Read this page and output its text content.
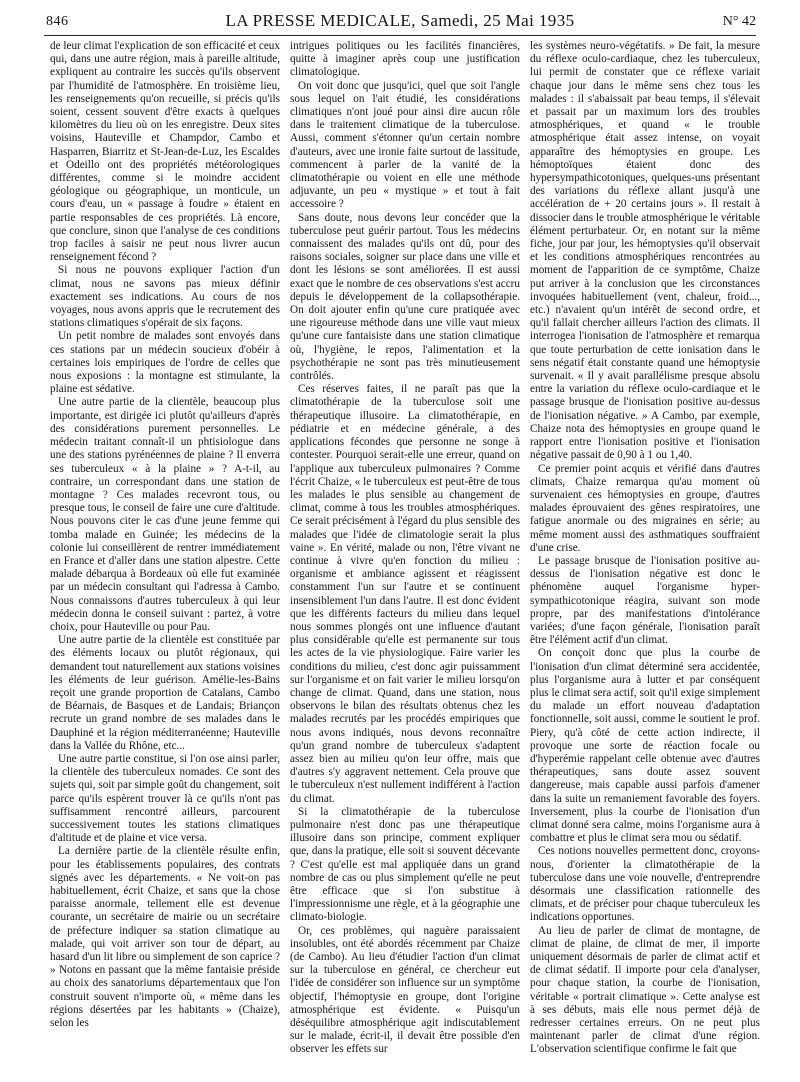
846	LA PRESSE MEDICALE, Samedi, 25 Mai 1935	N° 42

de leur climat l'explication de son efficacité et ceux qui, dans une autre région, mais à pareille altitude, expliquent au contraire les succès qu'ils observent par l'humidité de l'atmosphère. En troisième lieu, les renseignements qu'on recueille, si précis qu'ils soient, cessent souvent d'être exacts à quelques kilomètres du lieu où on les enregistre. Deux sites voisins, Hauteville et Champdor, Cambo et Hasparren, Biarritz et St-Jean-de-Luz, les Escaldes et Odeillo ont des propriétés météorologiques différentes, comme si le moindre accident géologique ou géographique, un monticule, un cours d'eau, un « passage à foudre » étaient en partie responsables de ces propriétés. Là encore, que conclure, sinon que l'analyse de ces conditions trop faciles à saisir ne peut nous livrer aucun renseignement fécond ?

Si nous ne pouvons expliquer l'action d'un climat, nous ne savons pas mieux définir exactement ses indications. Au cours de nos voyages, nous avons appris que le recrutement des stations climatiques s'opérait de six façons.

Un petit nombre de malades sont envoyés dans ces stations par un médecin soucieux d'obéir à certaines lois empiriques de l'ordre de celles que nous exposions : la montagne est stimulante, la plaine est sédative.

Une autre partie de la clientèle, beaucoup plus importante, est dirigée ici plutôt qu'ailleurs d'après des considérations purement personnelles. Le médecin traitant connaît-il un phtisiologue dans une des stations pyrénéennes de plaine ? Il enverra ses tuberculeux « à la plaine » ? A-t-il, au contraire, un correspondant dans une station de montagne ? Ces malades recevront tous, ou presque tous, le conseil de faire une cure d'altitude. Nous pouvons citer le cas d'une jeune femme qui tomba malade en Guinée; les médecins de la colonie lui conseillèrent de rentrer immédiatement en France et d'aller dans une station alpestre. Cette malade débarqua à Bordeaux où elle fut examinée par un médecin consultant qui l'adressa à Cambo. Nous connaissons d'autres tuberculeux à qui leur médecin donna le conseil suivant : partez, à votre choix, pour Hauteville ou pour Pau.

Une autre partie de la clientèle est constituée par des éléments locaux ou plutôt régionaux, qui demandent tout naturellement aux stations voisines les éléments de leur guérison. Amélie-les-Bains reçoit une grande proportion de Catalans, Cambo de Béarnais, de Basques et de Landais; Briançon recrute un grand nombre de ses malades dans le Dauphiné et la région méditerranéenne; Hauteville dans la Vallée du Rhône, etc...

Une autre partie constitue, si l'on ose ainsi parler, la clientèle des tuberculeux nomades. Ce sont des sujets qui, soit par simple goût du changement, soit parce qu'ils espèrent trouver là ce qu'ils n'ont pas suffisamment rencontré ailleurs, parcourent successivement toutes les stations climatiques d'altitude et de plaine et vice versa.

La dernière partie de la clientèle résulte enfin, pour les établissements populaires, des contrats signés avec les départements. « Ne voit-on pas habituellement, écrit Chaize, et sans que la chose paraisse anormale, tellement elle est devenue courante, un secrétaire de mairie ou un secrétaire de préfecture indiquer sa station climatique au malade, qui voit arriver son tour de départ, au hasard d'un lit libre ou simplement de son caprice ? » Notons en passant que la même fantaisie préside au choix des sanatoriums départementaux que l'on construit souvent n'importe où, « même dans les régions désertées par les habitants » (Chaize), selon les

intrigues politiques ou les facilités financières, quitte à imaginer après coup une justification climatologique.

On voit donc que jusqu'ici, quel que soit l'angle sous lequel on l'ait étudié, les considérations climatiques n'ont joué pour ainsi dire aucun rôle dans le traitement climatique de la tuberculose. Aussi, comment s'étonner qu'un certain nombre d'auteurs, avec une ironie faite surtout de lassitude, commencent à parler de la vanité de la climatothérapie ou voient en elle une méthode adjuvante, un peu « mystique » et tout à fait accessoire ?

Sans doute, nous devons leur concéder que la tuberculose peut guérir partout. Tous les médecins connaissent des malades qu'ils ont dû, pour des raisons sociales, soigner sur place dans une ville et dont les lésions se sont améliorées. Il est aussi exact que le nombre de ces observations s'est accru depuis le développement de la collapsothérapie. On doit ajouter enfin qu'une cure pratiquée avec une rigoureuse méthode dans une ville vaut mieux qu'une cure fantaisiste dans une station climatique où, l'hygiène, le repos, l'alimentation et la psychothérapie ne sont pas très minutieusement contrôlés.

Ces réserves faites, il ne paraît pas que la climatothérapie de la tuberculose soit une thérapeutique illusoire. La climatothérapie, en pédiatrie et en médecine générale, a des applications fécondes que personne ne songe à contester. Pourquoi serait-elle une erreur, quand on l'applique aux tuberculeux pulmonaires ? Comme l'écrit Chaize, « le tuberculeux est peut-être de tous les malades le plus sensible au changement de climat, comme à tous les troubles atmosphériques. Ce serait précisément à l'égard du plus sensible des malades que l'idée de climatologie serait la plus vaine ». En vérité, malade ou non, l'être vivant ne continue à vivre qu'en fonction du milieu : organisme et ambiance agissent et réagissent constamment l'un sur l'autre et se continuent insensiblement l'un dans l'autre. Il est donc évident que les différents facteurs du milieu dans lequel nous sommes plongés ont une influence d'autant plus considérable qu'elle est permanente sur tous les actes de la vie physiologique. Faire varier les conditions du milieu, c'est donc agir puissamment sur l'organisme et on fait varier le milieu lorsqu'on change de climat. Quand, dans une station, nous observons le bilan des résultats obtenus chez les malades recrutés par les procédés empiriques que nous avons indiqués, nous devons reconnaître qu'un grand nombre de tuberculeux s'adaptent assez bien au milieu qu'on leur offre, mais que d'autres s'y aggravent nettement. Cela prouve que le tuberculeux n'est nullement indifférent à l'action du climat.

Si la climatothérapie de la tuberculose pulmonaire n'est donc pas une thérapeutique illusoire dans son principe, comment expliquer que, dans la pratique, elle soit si souvent décevante ? C'est qu'elle est mal appliquée dans un grand nombre de cas ou plus simplement qu'elle ne peut être efficace que si l'on substitue à l'impressionnisme une règle, et à la géographie une climato-biologie.

Or, ces problèmes, qui naguère paraissaient insolubles, ont été abordés récemment par Chaize (de Cambo). Au lieu d'étudier l'action d'un climat sur la tuberculose en général, ce chercheur eut l'idée de considérer son influence sur un symptôme objectif, l'hémoptysie en groupe, dont l'origine atmosphérique est évidente. « Puisqu'un déséquilibre atmosphérique agit indiscutablement sur le malade, écrit-il, il devait être possible d'en observer les effets sur

les systèmes neuro-végétatifs. » De fait, la mesure du réflexe oculo-cardiaque, chez les tuberculeux, lui permit de constater que ce réflexe variait chaque jour dans le même sens chez tous les malades : il s'abaissait par beau temps, il s'élevait et passait par un maximum lors des troubles atmosphériques, et quand « le trouble atmosphérique était assez intense, on voyait apparaître des hémoptysies en groupe. Les hémoptoïques étaient donc des hypersympathicotoniques, quelques-uns présentant des variations du réflexe allant jusqu'à une accélération de + 20 certains jours ». Il restait à dissocier dans le trouble atmosphérique le véritable élément perturbateur. Or, en notant sur la même fiche, jour par jour, les hémoptysies qu'il observait et les conditions atmosphériques rencontrées au moment de l'apparition de ce symptôme, Chaize put arriver à la conclusion que les circonstances invoquées habituellement (vent, chaleur, froid..., etc.) n'avaient qu'un intérêt de second ordre, et qu'il fallait chercher ailleurs l'action des climats. Il interrogea l'ionisation de l'atmosphère et remarqua que toute perturbation de cette ionisation dans le sens négatif était constante quand une hémoptysie survenait. « Il y avait parallélisme presque absolu entre la variation du réflexe oculo-cardiaque et le passage brusque de l'ionisation positive au-dessus de l'ionisation négative. » A Cambo, par exemple, Chaize nota des hémoptysies en groupe quand le rapport entre l'ionisation positive et l'ionisation négative passait de 0,90 à 1 ou 1,40.

Ce premier point acquis et vérifié dans d'autres climats, Chaize remarqua qu'au moment où survenaient ces hémoptysies en groupe, d'autres malades éprouvaient des gênes respiratoires, une fatigue anormale ou des migraines en série; au même moment aussi des asthmatiques souffraient d'une crise.

Le passage brusque de l'ionisation positive au-dessus de l'ionisation négative est donc le phénomène auquel l'organisme hyper-sympathicotonique réagira, suivant son mode propre, par des manifestations d'intolérance variées; d'une façon générale, l'ionisation paraît être l'élément actif d'un climat.

On conçoit donc que plus la courbe de l'ionisation d'un climat déterminé sera accidentée, plus l'organisme aura à lutter et par conséquent plus le climat sera actif, soit qu'il exige simplement du malade un effort nouveau d'adaptation fonctionnelle, soit aussi, comme le soutient le prof. Piery, qu'à côté de cette action indirecte, il provoque une sorte de réaction focale ou d'hyperémie rappelant celle obtenue avec d'autres thérapeutiques, sans doute assez souvent dangereuse, mais capable aussi parfois d'amener dans la suite un remaniement favorable des foyers. Inversement, plus la courbe de l'ionisation d'un climat donné sera calme, moins l'organisme aura à combattre et plus le climat sera mou ou sédatif.

Ces notions nouvelles permettent donc, croyons-nous, d'orienter la climatothérapie de la tuberculose dans une voie nouvelle, d'entreprendre désormais une classification rationnelle des climats, et de préciser pour chaque tuberculeux les indications opportunes.

Au lieu de parler de climat de montagne, de climat de plaine, de climat de mer, il importe uniquement désormais de parler de climat actif et de climat sédatif. Il importe pour cela d'analyser, pour chaque station, la courbe de l'ionisation, véritable « portrait climatique ». Cette analyse est à ses débuts, mais elle nous permet déjà de redresser certaines erreurs. On ne peut plus maintenant parler de climat d'une région. L'observation scientifique confirme le fait que
